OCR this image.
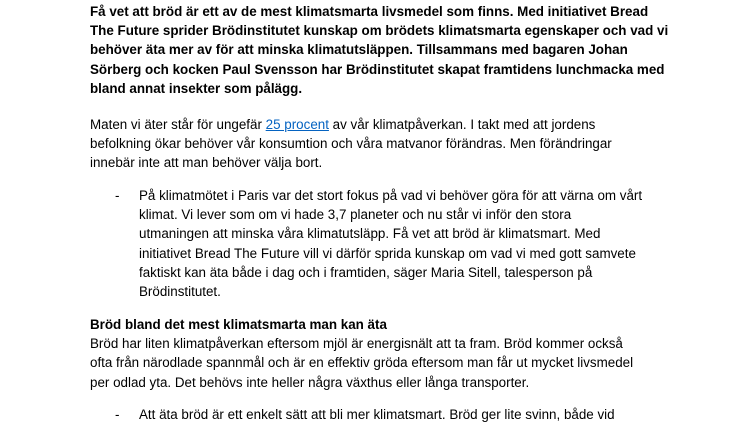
Få vet att bröd är ett av de mest klimatsmarta livsmedel som finns. Med initiativet Bread
The Future sprider Brödinstitutet kunskap om brödets klimatsmarta egenskaper och vad vi
behöver äta mer av för att minska klimatutsläppen. Tillsammans med bagaren Johan
Sörberg och kocken Paul Svensson har Brödinstitutet skapat framtidens lunchmacka med
bland annat insekter som pålägg.
Maten vi äter står för ungefär 25 procent av vår klimatpåverkan. I takt med att jordens
befolkning ökar behöver vår konsumtion och våra matvanor förändras. Men förändringar
innebär inte att man behöver välja bort.
- På klimatmötet i Paris var det stort fokus på vad vi behöver göra för att värna om vårt
klimat. Vi lever som om vi hade 3,7 planeter och nu står vi inför den stora
utmaningen att minska våra klimatutsläpp. Få vet att bröd är klimatsmart. Med
initiativet Bread The Future vill vi därför sprida kunskap om vad vi med gott samvete
faktiskt kan äta både i dag och i framtiden, säger Maria Sitell, talesperson på
Brödinstitutet.
Bröd bland det mest klimatsmarta man kan äta
Bröd har liten klimatpåverkan eftersom mjöl är energisnält att ta fram. Bröd kommer också
ofta från närodlade spannmål och är en effektiv gröda eftersom man får ut mycket livsmedel
per odlad yta. Det behövs inte heller några växthus eller långa transporter.
- Att äta bröd är ett enkelt sätt att bli mer klimatsmart. Bröd ger lite svinn, både vid
